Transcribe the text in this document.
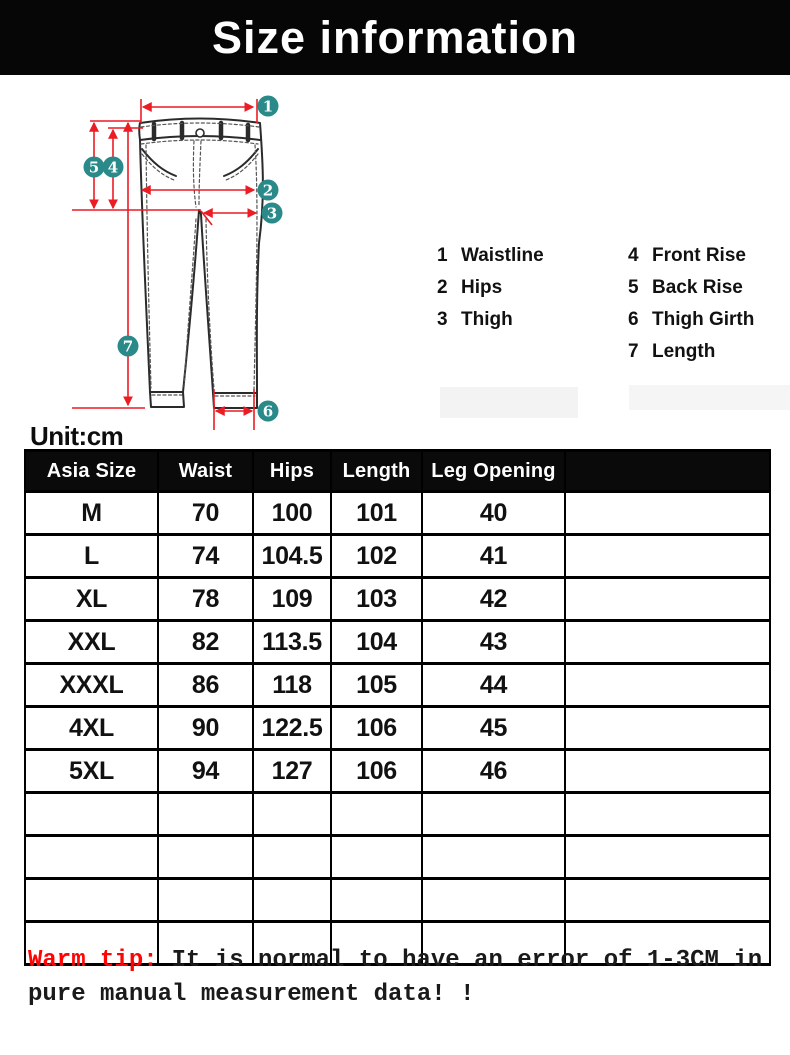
Size information
1
2
3
4
5
6
7
1 Waistline
2 Hips
3 Thigh
4 Front Rise
5 Back Rise
6 Thigh Girth
7 Length
Unit:cm
Asia Size	Waist	Hips	Length	Leg Opening	
M	70	100	101	40	
L	74	104.5	102	41	
XL	78	109	103	42	
XXL	82	113.5	104	43	
XXXL	86	118	105	44	
4XL	90	122.5	106	45	
5XL	94	127	106	46	

Warm tip: It is normal to have an error of 1-3CM in
pure manual measurement data! !
